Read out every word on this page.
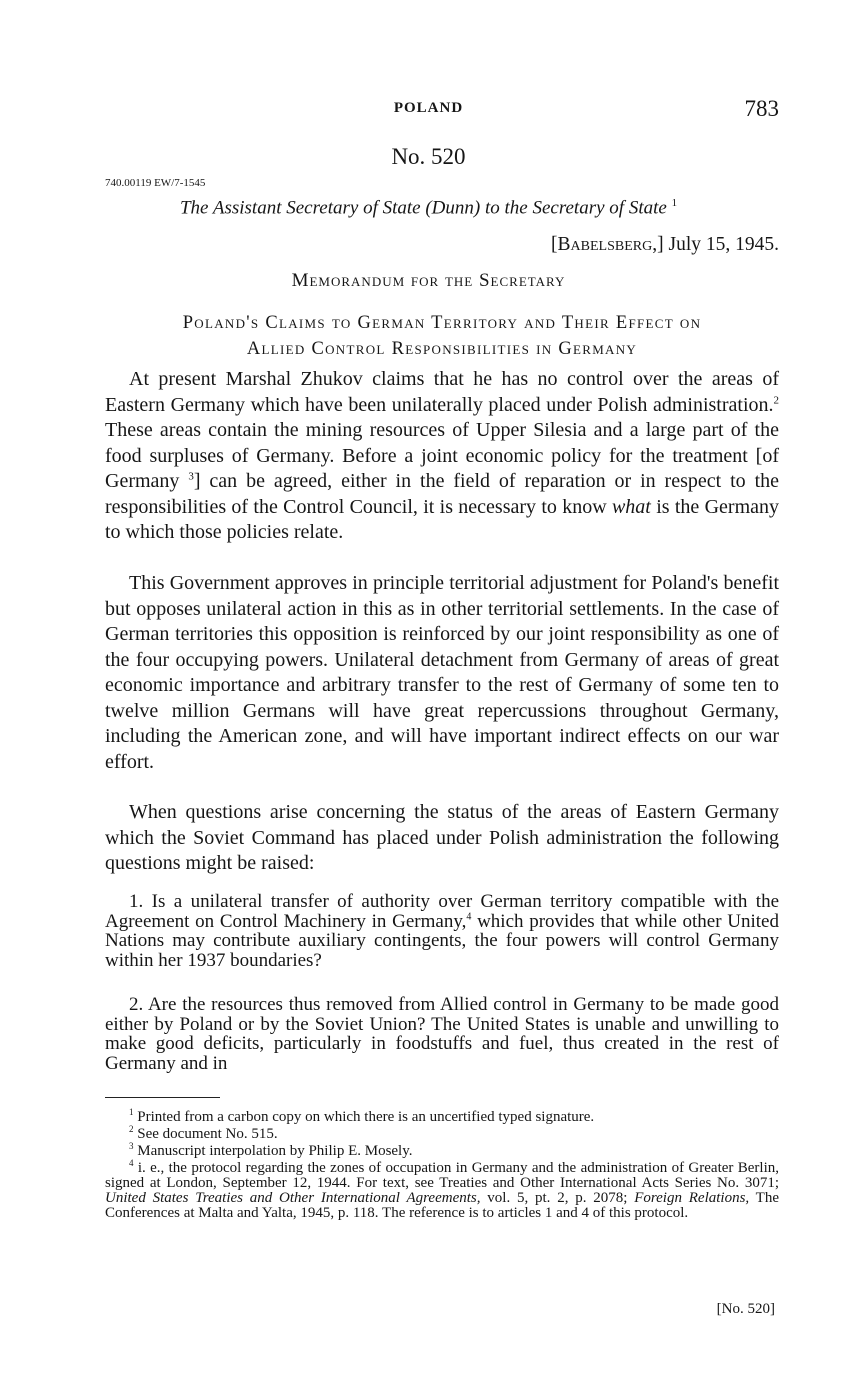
POLAND	783
No. 520
740.00119 EW/7-1545
The Assistant Secretary of State (Dunn) to the Secretary of State $^1$
[Babelsberg,] July 15, 1945.
Memorandum for the Secretary
Poland's Claims to German Territory and Their Effect on
Allied Control Responsibilities in Germany

At present Marshal Zhukov claims that he has no control over the areas of Eastern Germany which have been unilaterally placed under Polish administration.$^2$ These areas contain the mining resources of Upper Silesia and a large part of the food surpluses of Germany. Before a joint economic policy for the treatment [of Germany $^3$] can be agreed, either in the field of reparation or in respect to the responsibilities of the Control Council, it is necessary to know what is the Germany to which those policies relate.

This Government approves in principle territorial adjustment for Poland's benefit but opposes unilateral action in this as in other territorial settlements. In the case of German territories this opposition is reinforced by our joint responsibility as one of the four occupying powers. Unilateral detachment from Germany of areas of great economic importance and arbitrary transfer to the rest of Germany of some ten to twelve million Germans will have great repercussions throughout Germany, including the American zone, and will have important indirect effects on our war effort.

When questions arise concerning the status of the areas of Eastern Germany which the Soviet Command has placed under Polish administration the following questions might be raised:

1. Is a unilateral transfer of authority over German territory compatible with the Agreement on Control Machinery in Germany,$^4$ which provides that while other United Nations may contribute auxiliary contingents, the four powers will control Germany within her 1937 boundaries?

2. Are the resources thus removed from Allied control in Germany to be made good either by Poland or by the Soviet Union? The United States is unable and unwilling to make good deficits, particularly in foodstuffs and fuel, thus created in the rest of Germany and in

$^1$ Printed from a carbon copy on which there is an uncertified typed signature.

$^2$ See document No. 515.

$^3$ Manuscript interpolation by Philip E. Mosely.

$^4$ i. e., the protocol regarding the zones of occupation in Germany and the administration of Greater Berlin, signed at London, September 12, 1944. For text, see Treaties and Other International Acts Series No. 3071; United States Treaties and Other International Agreements, vol. 5, pt. 2, p. 2078; Foreign Relations, The Conferences at Malta and Yalta, 1945, p. 118. The reference is to articles 1 and 4 of this protocol.

[No. 520]
